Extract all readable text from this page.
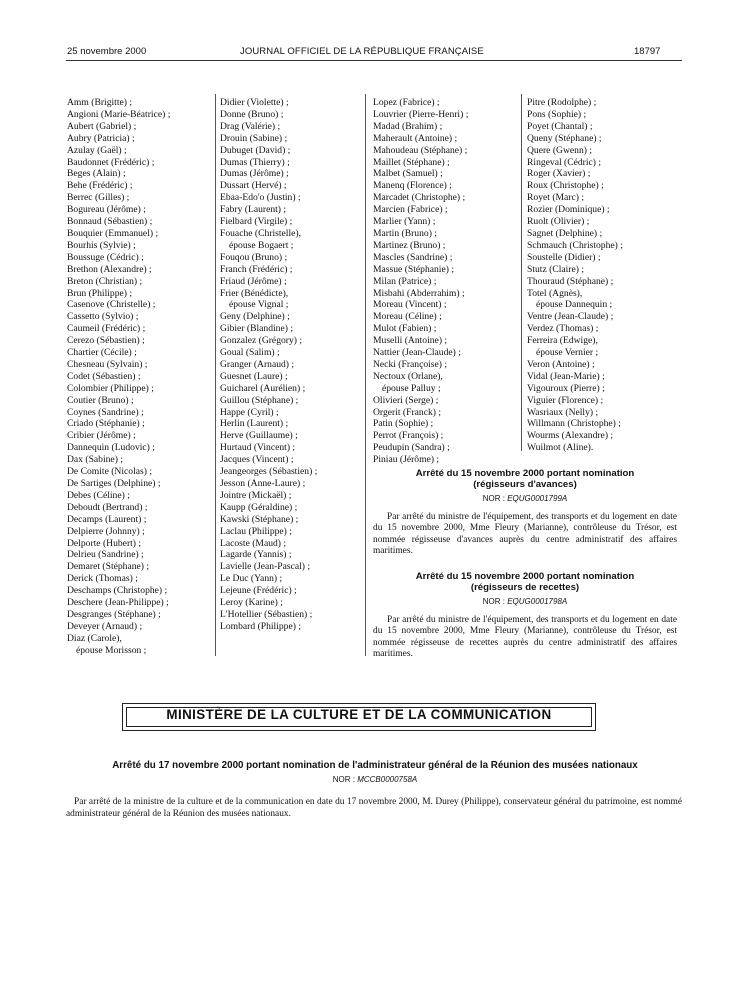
25 novembre 2000	JOURNAL OFFICIEL DE LA RÉPUBLIQUE FRANÇAISE	18797
Amm (Brigitte) ;
Angioni (Marie-Béatrice) ;
Aubert (Gabriel) ;
Aubry (Patricia) ;
Azulay (Gaël) ;
Baudonnet (Frédéric) ;
Beges (Alain) ;
Behe (Frédéric) ;
Berrec (Gilles) ;
Bogureau (Jérôme) ;
Bonnaud (Sébastien) ;
Bouquier (Emmanuel) ;
Bourhis (Sylvie) ;
Boussuge (Cédric) ;
Brethon (Alexandre) ;
Breton (Christian) ;
Brun (Philippe) ;
Casenove (Christelle) ;
Cassetto (Sylvio) ;
Caumeil (Frédéric) ;
Cerezo (Sébastien) ;
Chartier (Cécile) ;
Chesneau (Sylvain) ;
Codet (Sébastien) ;
Colombier (Philippe) ;
Coutier (Bruno) ;
Coynes (Sandrine) ;
Criado (Stéphanie) ;
Cribier (Jérôme) ;
Dannequin (Ludovic) ;
Dax (Sabine) ;
De Comite (Nicolas) ;
De Sartiges (Delphine) ;
Debes (Céline) ;
Deboudt (Bertrand) ;
Decamps (Laurent) ;
Delpierre (Johnny) ;
Delporte (Hubert) ;
Delrieu (Sandrine) ;
Demaret (Stéphane) ;
Derick (Thomas) ;
Deschamps (Christophe) ;
Deschere (Jean-Philippe) ;
Desgranges (Stéphane) ;
Deveyer (Arnaud) ;
Diaz (Carole),
épouse Morisson ;
Didier (Violette) ;
Donne (Bruno) ;
Drag (Valérie) ;
Drouin (Sabine) ;
Dubuget (David) ;
Dumas (Thierry) ;
Dumas (Jérôme) ;
Dussart (Hervé) ;
Ebaa-Edo'o (Justin) ;
Fabry (Laurent) ;
Fielbard (Virgile) ;
Fouache (Christelle),
épouse Bogaert ;
Fouqou (Bruno) ;
Franch (Frédéric) ;
Friaud (Jérôme) ;
Frier (Bénédicte),
épouse Vignal ;
Geny (Delphine) ;
Gibier (Blandine) ;
Gonzalez (Grégory) ;
Goual (Salim) ;
Granger (Arnaud) ;
Guesnet (Laure) ;
Guicharel (Aurélien) ;
Guillou (Stéphane) ;
Happe (Cyril) ;
Herlin (Laurent) ;
Herve (Guillaume) ;
Hurtaud (Vincent) ;
Jacques (Vincent) ;
Jeangeorges (Sébastien) ;
Jesson (Anne-Laure) ;
Jointre (Mickaël) ;
Kaupp (Géraldine) ;
Kawski (Stéphane) ;
Laclau (Philippe) ;
Lacoste (Maud) ;
Lagarde (Yannis) ;
Lavielle (Jean-Pascal) ;
Le Duc (Yann) ;
Lejeune (Frédéric) ;
Leroy (Karine) ;
L'Hotellier (Sébastien) ;
Lombard (Philippe) ;
Lopez (Fabrice) ;
Louvrier (Pierre-Henri) ;
Madad (Brahim) ;
Maherault (Antoine) ;
Mahoudeau (Stéphane) ;
Maillet (Stéphane) ;
Malbet (Samuel) ;
Manenq (Florence) ;
Marcadet (Christophe) ;
Marcien (Fabrice) ;
Marlier (Yann) ;
Martin (Bruno) ;
Martinez (Bruno) ;
Mascles (Sandrine) ;
Massue (Stéphanie) ;
Milan (Patrice) ;
Misbahi (Abderrahim) ;
Moreau (Vincent) ;
Moreau (Céline) ;
Mulot (Fabien) ;
Muselli (Antoine) ;
Nattier (Jean-Claude) ;
Necki (Françoise) ;
Nectoux (Orlane),
épouse Palluy ;
Olivieri (Serge) ;
Orgerit (Franck) ;
Patin (Sophie) ;
Perrot (François) ;
Peudupin (Sandra) ;
Piniau (Jérôme) ;
Pitre (Rodolphe) ;
Pons (Sophie) ;
Poyet (Chantal) ;
Queny (Stéphane) ;
Quere (Gwenn) ;
Ringeval (Cédric) ;
Roger (Xavier) ;
Roux (Christophe) ;
Royet (Marc) ;
Rozier (Dominique) ;
Ruolt (Olivier) ;
Sagnet (Delphine) ;
Schmauch (Christophe) ;
Soustelle (Didier) ;
Stutz (Claire) ;
Thouraud (Stéphane) ;
Totel (Agnès),
épouse Dannequin ;
Ventre (Jean-Claude) ;
Verdez (Thomas) ;
Ferreira (Edwige),
épouse Vernier ;
Veron (Antoine) ;
Vidal (Jean-Marie) ;
Vigouroux (Pierre) ;
Viguier (Florence) ;
Wasriaux (Nelly) ;
Willmann (Christophe) ;
Wourms (Alexandre) ;
Wuilmot (Aline).
Arrêté du 15 novembre 2000 portant nomination
(régisseurs d'avances)
NOR : EQUG0001799A
Par arrêté du ministre de l'équipement, des transports et du logement en date du 15 novembre 2000, Mme Fleury (Marianne), contrôleuse du Trésor, est nommée régisseuse d'avances auprès du centre administratif des affaires maritimes.
Arrêté du 15 novembre 2000 portant nomination
(régisseurs de recettes)
NOR : EQUG0001798A
Par arrêté du ministre de l'équipement, des transports et du logement en date du 15 novembre 2000, Mme Fleury (Marianne), contrôleuse du Trésor, est nommée régisseuse de recettes auprès du centre administratif des affaires maritimes.
MINISTÈRE DE LA CULTURE ET DE LA COMMUNICATION
Arrêté du 17 novembre 2000 portant nomination de l'administrateur général de la Réunion des musées nationaux
NOR : MCCB0000758A
Par arrêté de la ministre de la culture et de la communication en date du 17 novembre 2000, M. Durey (Philippe), conservateur général du patrimoine, est nommé administrateur général de la Réunion des musées nationaux.
